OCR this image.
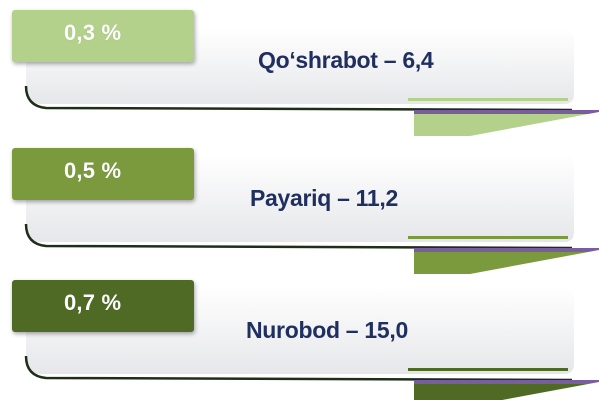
0,3 %
Qo‘shrabot – 6,4
0,5 %
Payariq – 11,2
0,7 %
Nurobod – 15,0
